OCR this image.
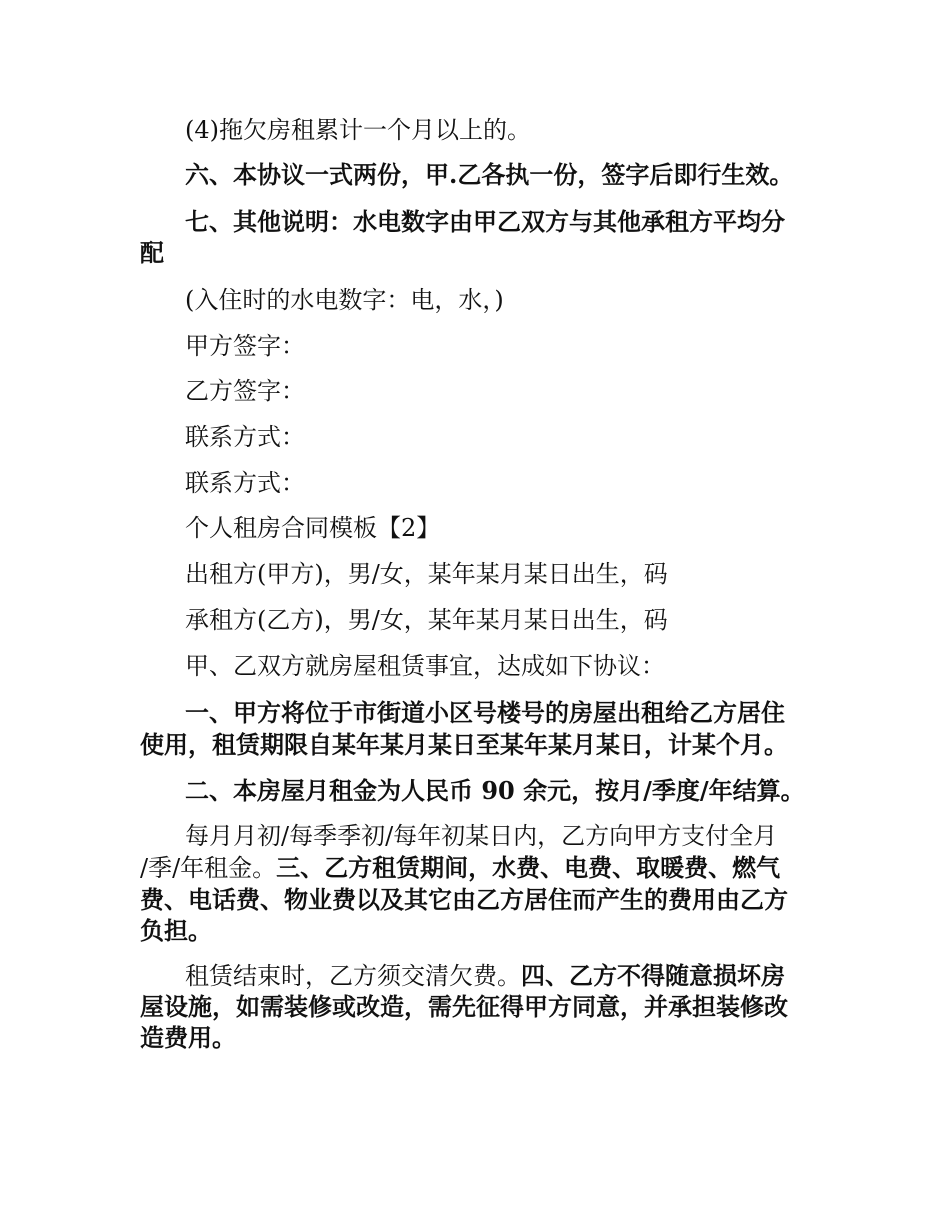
(4)拖欠房租累计一个月以上的。
六、本协议一式两份，甲.乙各执一份，签字后即行生效。
七、其他说明：水电数字由甲乙双方与其他承租方平均分
配
(入住时的水电数字：电，水，)
甲方签字：
乙方签字：
联系方式：
联系方式：
个人租房合同模板【2】
出租方(甲方)，男/女，某年某月某日出生，码
承租方(乙方)，男/女，某年某月某日出生，码
甲、乙双方就房屋租赁事宜，达成如下协议：
一、甲方将位于市街道小区号楼号的房屋出租给乙方居住
使用，租赁期限自某年某月某日至某年某月某日，计某个月。
二、本房屋月租金为人民币 90 余元，按月/季度/年结算。
每月月初/每季季初/每年初某日内，乙方向甲方支付全月
/季/年租金。三、乙方租赁期间，水费、电费、取暖费、燃气
费、电话费、物业费以及其它由乙方居住而产生的费用由乙方
负担。
租赁结束时，乙方须交清欠费。四、乙方不得随意损坏房
屋设施，如需装修或改造，需先征得甲方同意，并承担装修改
造费用。
